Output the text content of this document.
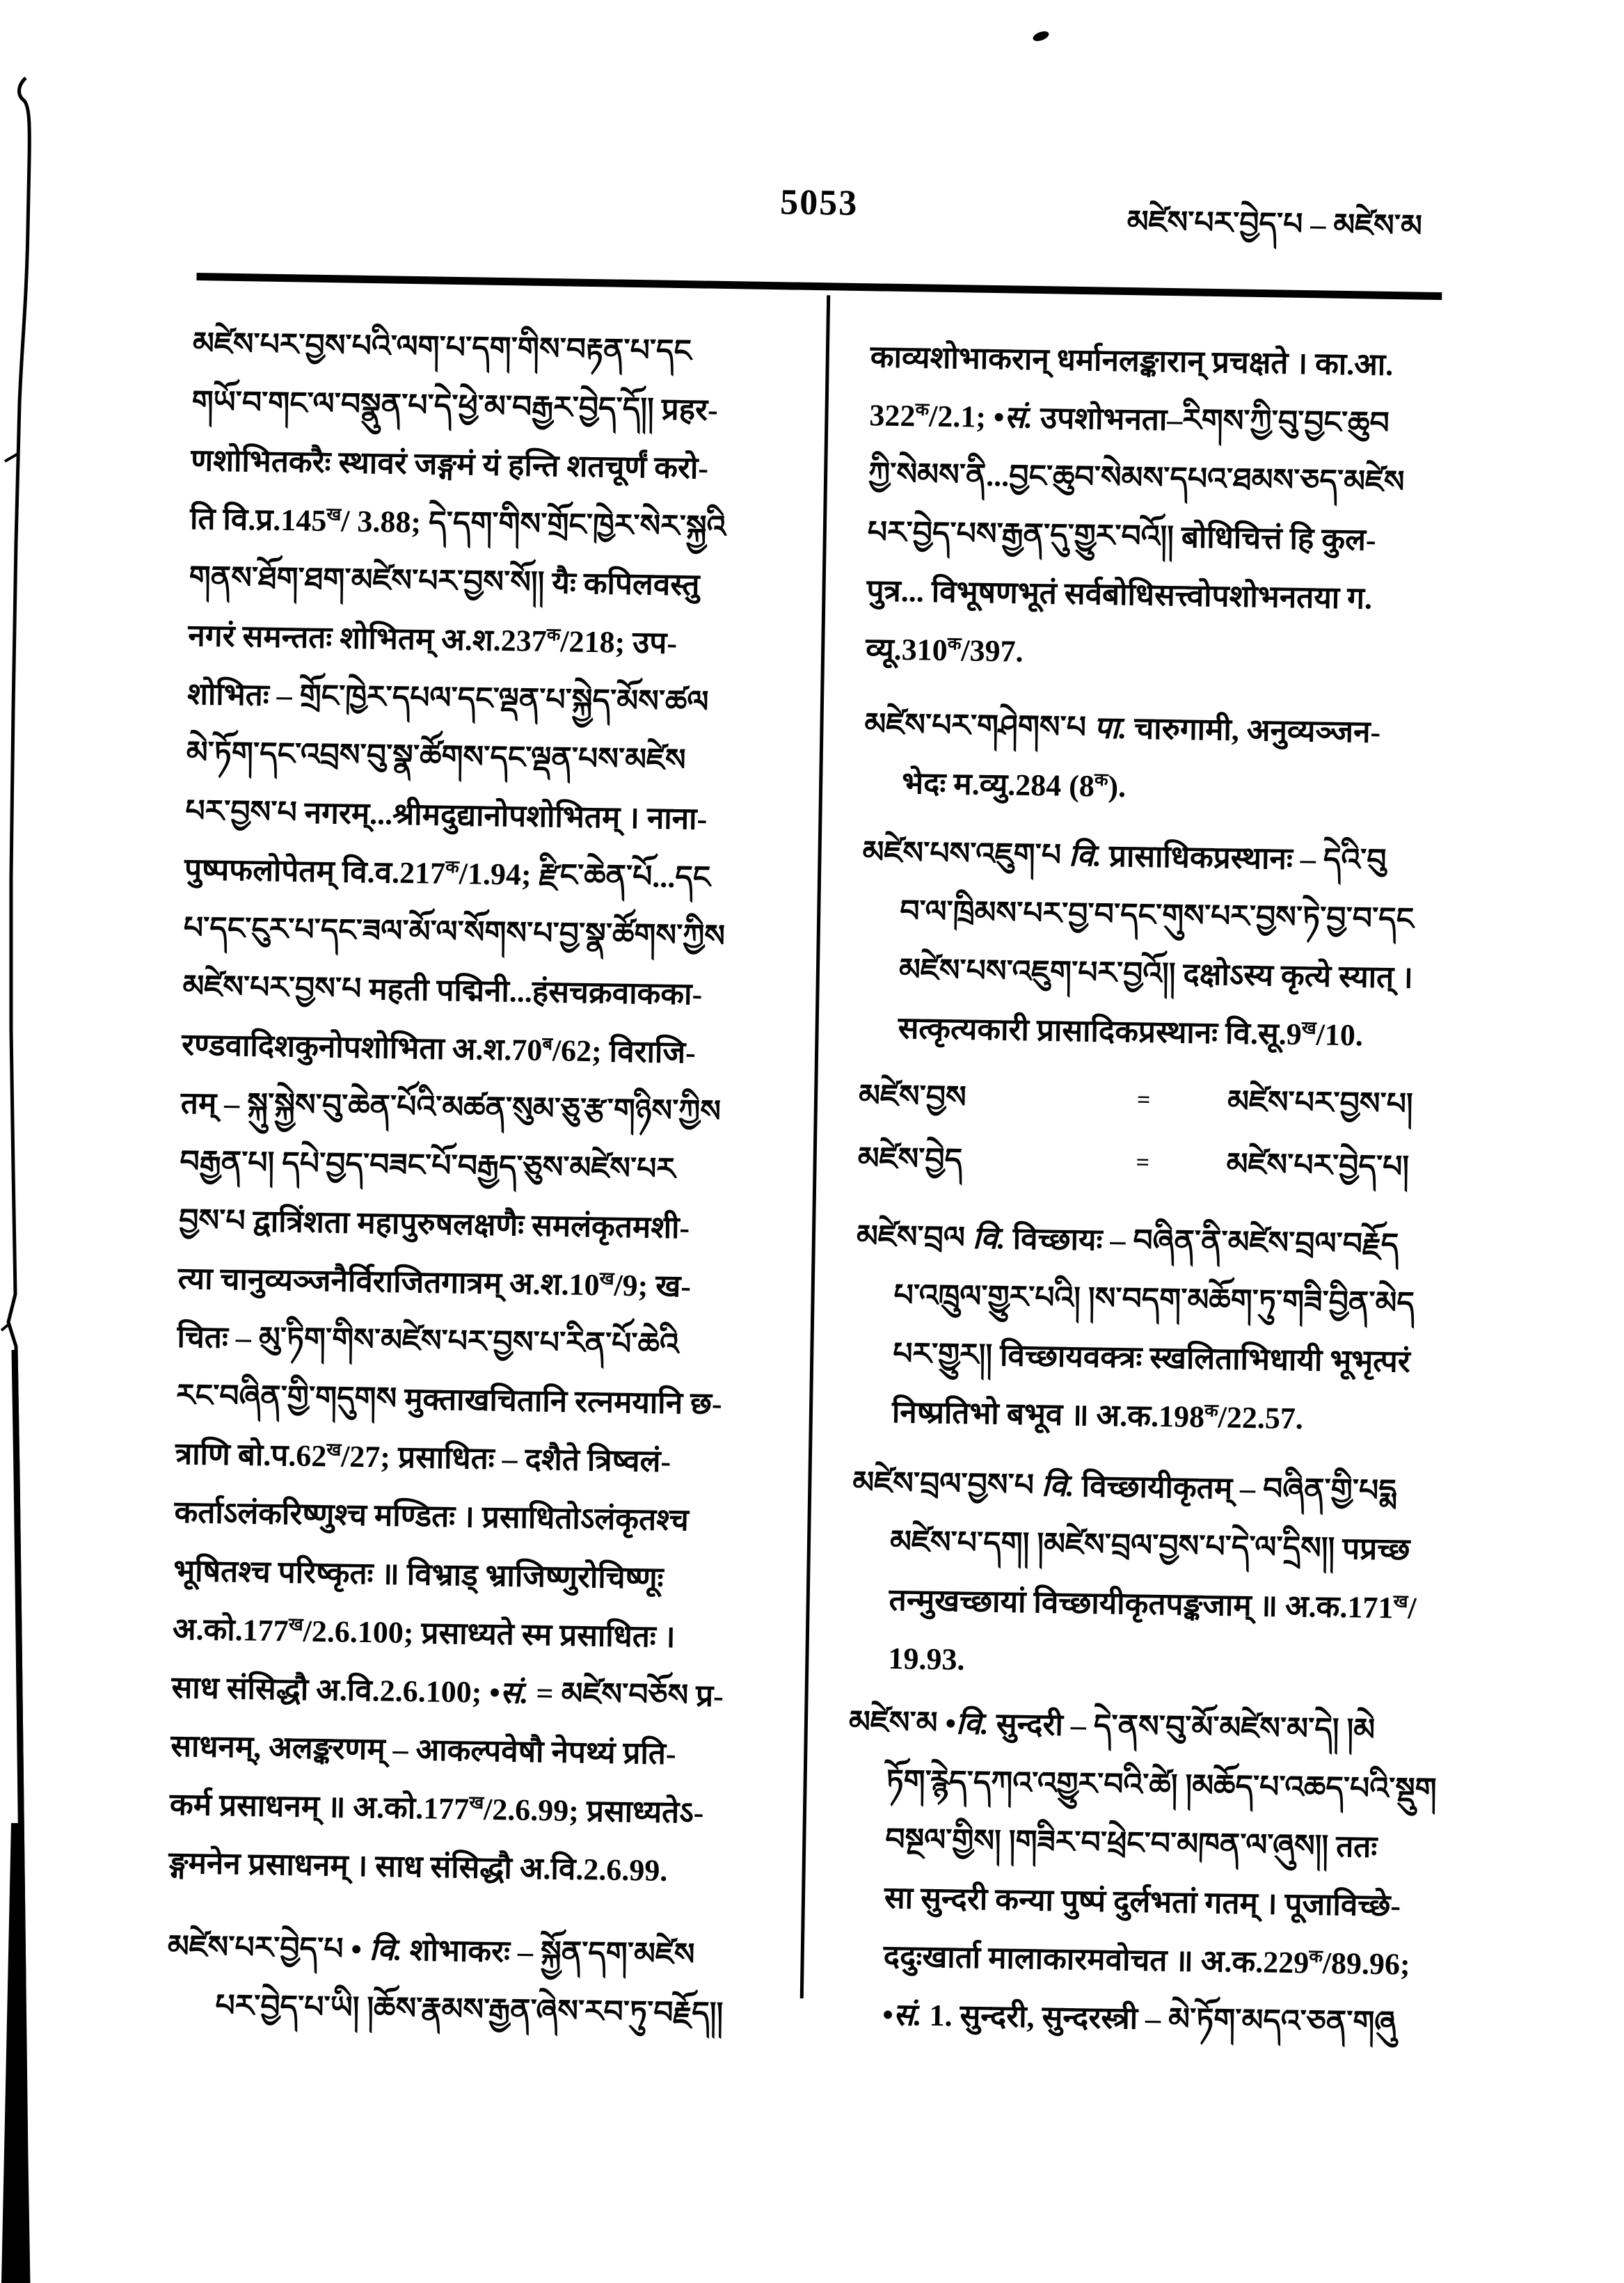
5053
མཛེས་པར་བྱེད་པ – མཛེས་མ
མཛེས་པར་བྱས་པའི་ལག་པ་དག་གིས་བརྟན་པ་དང
གཡོ་བ་གང་ལ་བསྣུན་པ་དེ་ཕྱེ་མ་བརྒྱར་བྱེད་དོ།། प्रहर-
णशोभितकरैः स्थावरं जङ्गमं यं हन्ति शतचूर्णं करो-
ति $वि.प्र.145^ख/$ 3.88; དེ་དག་གིས་གྲོང་ཁྱེར་སེར་སྐྱའི
གནས་ཐོག་ཐག་མཛེས་པར་བྱས་སོ།། यैः कपिलवस्तु
नगरं समन्ततः शोभितम् $अ.श.237^क/218$; उप-
शोभितः – གྲོང་ཁྱེར་དཔལ་དང་ལྡན་པ་སྐྱེད་མོས་ཚལ
མེ་ཏོག་དང་འབྲས་བུ་སྣ་ཚོགས་དང་ལྡན་པས་མཛེས
པར་བྱས་པ नगरम्...श्रीमदुद्यानोपशोभितम् । नाना-
पुष्पफलोपेतम् $वि.व.217^क/1.94$; རྫིང་ཆེན་པོ...དང
པ་དང་ངུར་པ་དང་ཟལ་མོ་ལ་སོགས་པ་བྱ་སྣ་ཚོགས་ཀྱིས
མཛེས་པར་བྱས་པ महती पद्मिनी...हंसचक्रवाकका-
रण्डवादिशकुनोपशोभिता $अ.श.70^ब/62$; विराजि-
तम् – སྐུ་སྐྱེས་བུ་ཆེན་པོའི་མཚན་སུམ་ཅུ་རྩ་གཉིས་ཀྱིས
བརྒྱན་པ། དཔེ་བྱད་བཟང་པོ་བརྒྱད་ཅུས་མཛེས་པར
བྱས་པ द्वात्रिंशता महापुरुषलक्षणैः समलंकृतमशी-
त्या चानुव्यञ्जनैर्विराजितगात्रम् $अ.श.10^ख/9$; ख-
चितः – མུ་ཏིག་གིས་མཛེས་པར་བྱས་པ་རིན་པོ་ཆེའི
རང་བཞིན་གྱི་གདུགས मुक्ताखचितानि रत्नमयानि छ-
त्राणि $बो.प.62^ख/27$; प्रसाधितः – दशैते त्रिष्वलं-
कर्ताऽलंकरिष्णुश्च मण्डितः । प्रसाधितोऽलंकृतश्च
भूषितश्च परिष्कृतः ॥ विभ्राड् भ्राजिष्णुरोचिष्णूः
$अ.को.177^ख/2.6.100$; प्रसाध्यते स्म प्रसाधितः ।
साध संसिद्धौ अ.वि.2.6.100; •सं. = མཛེས་བཅོས प्र-
साधनम्, अलङ्करणम् – आकल्पवेषौ नेपथ्यं प्रति-
कर्म प्रसाधनम् ॥ $अ.को.177^ख/2.6.99$; प्रसाध्यतेऽ-
ङ्गमनेन प्रसाधनम् । साध संसिद्धौ अ.वि.2.6.99.
མཛེས་པར་བྱེད་པ • वि. शोभाकरः – སྐྱོན་དག་མཛེས
པར་བྱེད་པ་ཡི། །ཆོས་རྣམས་རྒྱན་ཞེས་རབ་ཏུ་བརྗོད།།
काव्यशोभाकरान् धर्मानलङ्कारान् प्रचक्षते । का.आ.
$322^क/2.1$; •सं. उपशोभनता–རིགས་ཀྱི་བུ་བྱང་ཆུབ
ཀྱི་སེམས་ནི...བྱང་ཆུབ་སེམས་དཔའ་ཐམས་ཅད་མཛེས
པར་བྱེད་པས་རྒྱན་དུ་གྱུར་བའོ།། बोधिचित्तं हि कुल-
पुत्र... विभूषणभूतं सर्वबोधिसत्त्वोपशोभनतया ग.
$व्यू.310^क/397$.
མཛེས་པར་གཤེགས་པ पा. चारुगामी, अनुव्यञ्जन-
भेदः म.व्यु.284 $(8^क)$.
མཛེས་པས་འཇུག་པ वि. प्रासाधिकप्रस्थानः – དེའི་བུ
བ་ལ་ཁྲིམས་པར་བྱ་བ་དང་གུས་པར་བྱས་ཏེ་བྱ་བ་དང
མཛེས་པས་འཇུག་པར་བྱའོ།། दक्षोऽस्य कृत्ये स्यात् ।
सत्कृत्यकारी प्रासादिकप्रस्थानः $वि.सू.9^ख/10$.
མཛེས་བྱས	=	མཛེས་པར་བྱས་པ།
མཛེས་བྱེད	=	མཛེས་པར་བྱེད་པ།
མཛེས་བྲལ वि. विच्छायः – བཞིན་ནི་མཛེས་བྲལ་བརྗོད
པ་འཁྲུལ་གྱུར་པའི། །ས་བདག་མཆོག་ཏུ་གཟི་བྱིན་མེད
པར་གྱུར།། विच्छायवक्त्रः स्खलिताभिधायी भूभृत्परं
निष्प्रतिभो बभूव ॥ $अ.क.198^क/22.57$.
མཛེས་བྲལ་བྱས་པ वि. विच्छायीकृतम् – བཞིན་གྱི་པདྨ
མཛེས་པ་དག། །མཛེས་བྲལ་བྱས་པ་དེ་ལ་དྲིས།། पप्रच्छ
तन्मुखच्छायां विच्छायीकृतपङ्कजाम् ॥ $अ.क.171^ख/$
19.93.
མཛེས་མ •वि. सुन्दरी – དེ་ནས་བུ་མོ་མཛེས་མ་དེ། །མེ
ཏོག་རྙེད་དཀའ་འགྱུར་བའི་ཚེ། །མཆོད་པ་འཆད་པའི་སྡུག
བསྔལ་གྱིས། །གཟིར་བ་ཕྲེང་བ་མཁན་ལ་ཞུས།། ततः
सा सुन्दरी कन्या पुष्पं दुर्लभतां गतम् । पूजाविच्छे-
ददुःखार्ता मालाकारमवोचत ॥ $अ.क.229^क/89.96$;
•सं. 1. सुन्दरी, सुन्दरस्त्री – མེ་ཏོག་མདའ་ཅན་གཞུ
